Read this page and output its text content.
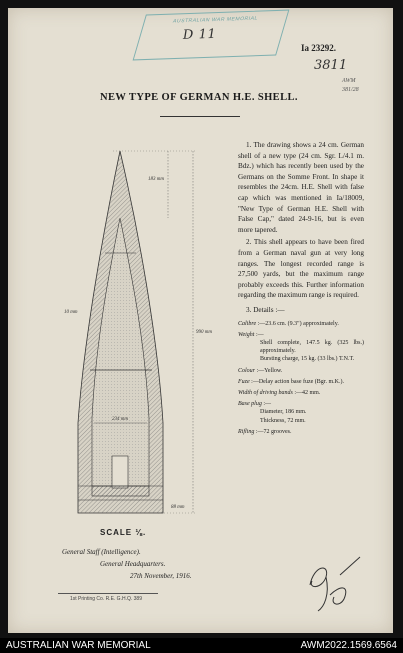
AUSTRALIAN WAR MEMORIAL
D 11
Ia 23292.
3811
AWM
381/28
NEW TYPE OF GERMAN H.E. SHELL.
183 mm
10 mm
990 mm
234 mm
88 mm

1. The drawing shows a 24 cm. German shell of a new type (24 cm. Sgr. L/4.1 m. Bdz.) which has recently been used by the Germans on the Somme Front. In shape it resembles the 24cm. H.E. Shell with false cap which was mentioned in Ia/18009, "New Type of German H.E. Shell with False Cap," dated 24-9-16, but is even more tapered.

2. This shell appears to have been fired from a German naval gun at very long ranges. The longest recorded range is 27,500 yards, but the maximum range probably exceeds this. Further information regarding the maximum range is required.

3. Details :—
Calibre :—23.6 cm. (9.3") approximately.
Weight :—
Shell complete, 147.5 kg. (325 lbs.) approximately.
Bursting charge, 15 kg. (33 lbs.) T.N.T.
Colour :—Yellow.
Fuze :—Delay action base fuze (Bgr. m.K.).
Width of driving bands :—42 mm.
Base plug :—
Diameter, 186 mm.
Thickness, 72 mm.
Rifling :—72 grooves.
SCALE ⅛.
General Staff (Intelligence).
General Headquarters.
27th November, 1916.
1st Printing Co. R.E. G.H.Q. 389
AUSTRALIAN WAR MEMORIAL	AWM2022.1569.6564
